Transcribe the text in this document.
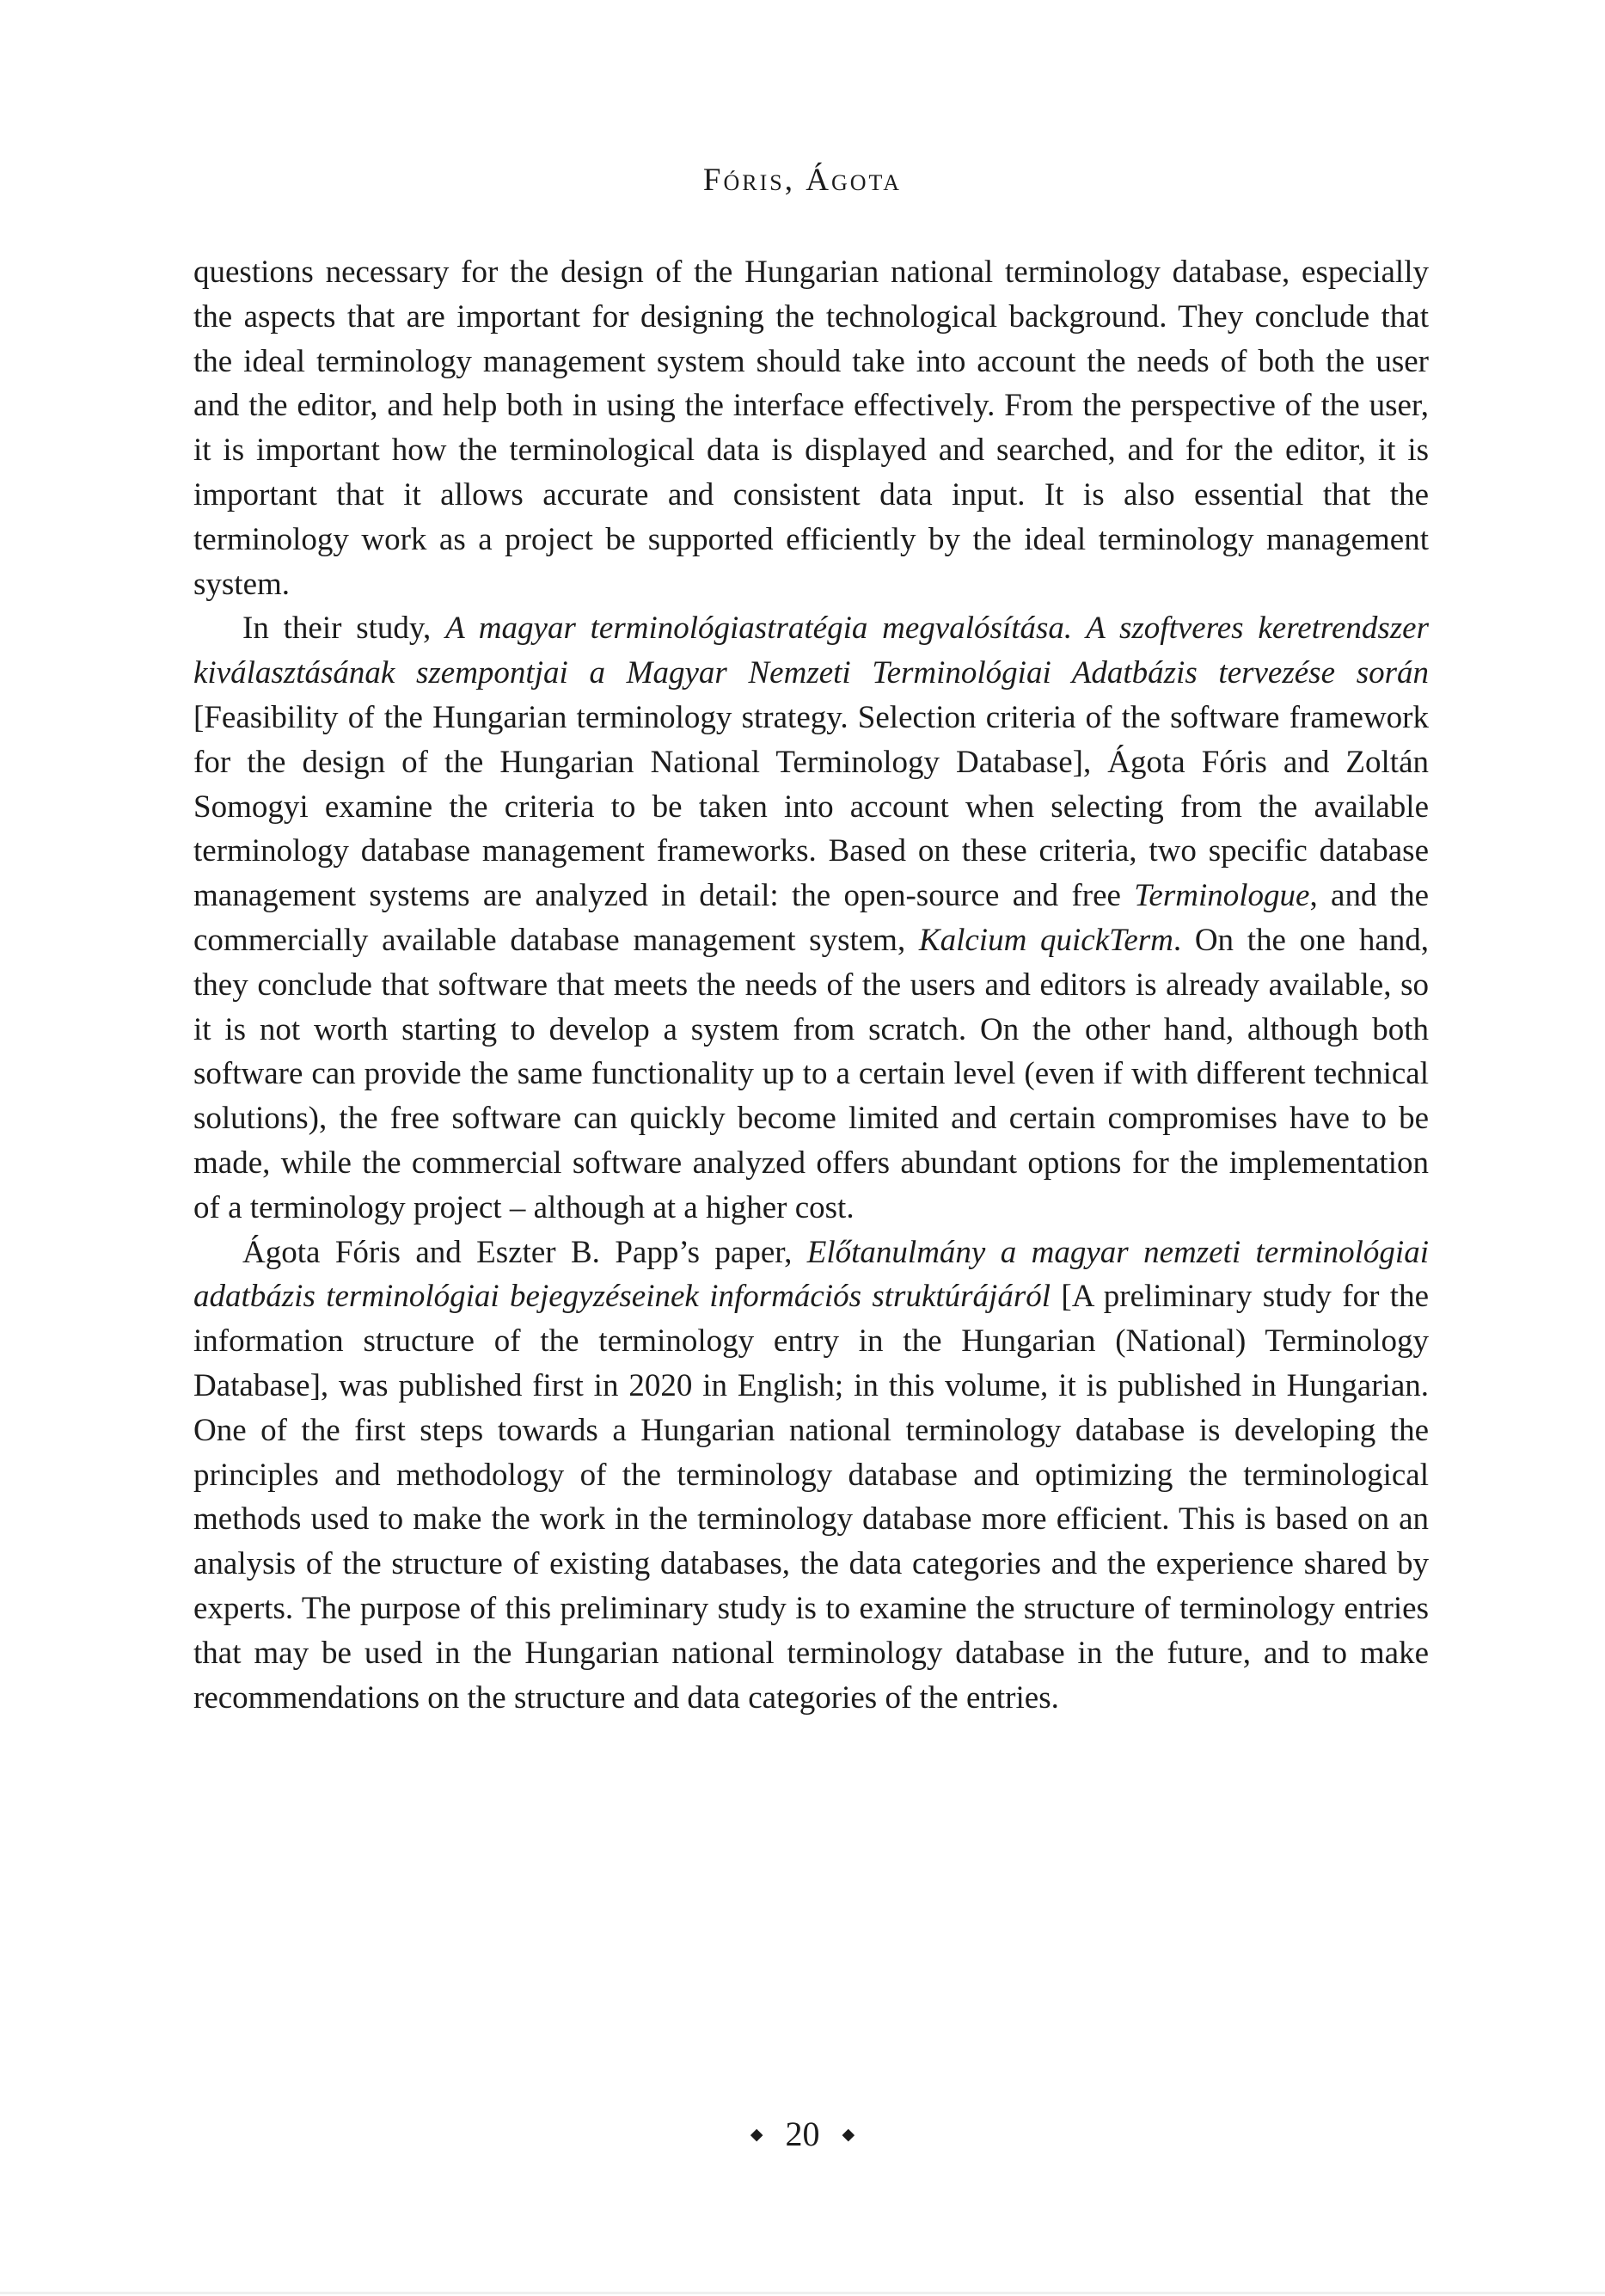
Fóris, Ágota

questions necessary for the design of the Hungarian national terminology database, especially the aspects that are important for designing the technological background. They conclude that the ideal terminology management system should take into account the needs of both the user and the editor, and help both in using the interface effectively. From the perspective of the user, it is important how the terminological data is displayed and searched, and for the editor, it is important that it allows accurate and consistent data input. It is also essential that the terminology work as a project be supported efficiently by the ideal terminology management system.

In their study, A magyar terminológiastratégia megvalósítása. A szoftveres keretrendszer kiválasztásának szempontjai a Magyar Nemzeti Terminológiai Adatbázis tervezése során [Feasibility of the Hungarian terminology strategy. Selection criteria of the software framework for the design of the Hungarian National Terminology Database], Ágota Fóris and Zoltán Somogyi examine the criteria to be taken into account when selecting from the available terminology database management frameworks. Based on these criteria, two specific database management systems are analyzed in detail: the open-source and free Terminologue, and the commercially available database management system, Kalcium quickTerm. On the one hand, they conclude that software that meets the needs of the users and editors is already available, so it is not worth starting to develop a system from scratch. On the other hand, although both software can provide the same functionality up to a certain level (even if with different technical solutions), the free software can quickly become limited and certain compromises have to be made, while the commercial software analyzed offers abundant options for the implementation of a terminology project – although at a higher cost.

Ágota Fóris and Eszter B. Papp’s paper, Előtanulmány a magyar nemzeti terminológiai adatbázis terminológiai bejegyzéseinek információs struktúrájáról [A preliminary study for the information structure of the terminology entry in the Hungarian (National) Terminology Database], was published first in 2020 in English; in this volume, it is published in Hungarian. One of the first steps towards a Hungarian national terminology database is developing the principles and methodology of the terminology database and optimizing the terminological methods used to make the work in the terminology database more efficient. This is based on an analysis of the structure of existing databases, the data categories and the experience shared by experts. The purpose of this preliminary study is to examine the structure of terminology entries that may be used in the Hungarian national terminology database in the future, and to make recommendations on the structure and data categories of the entries.

◆ 20 ◆
